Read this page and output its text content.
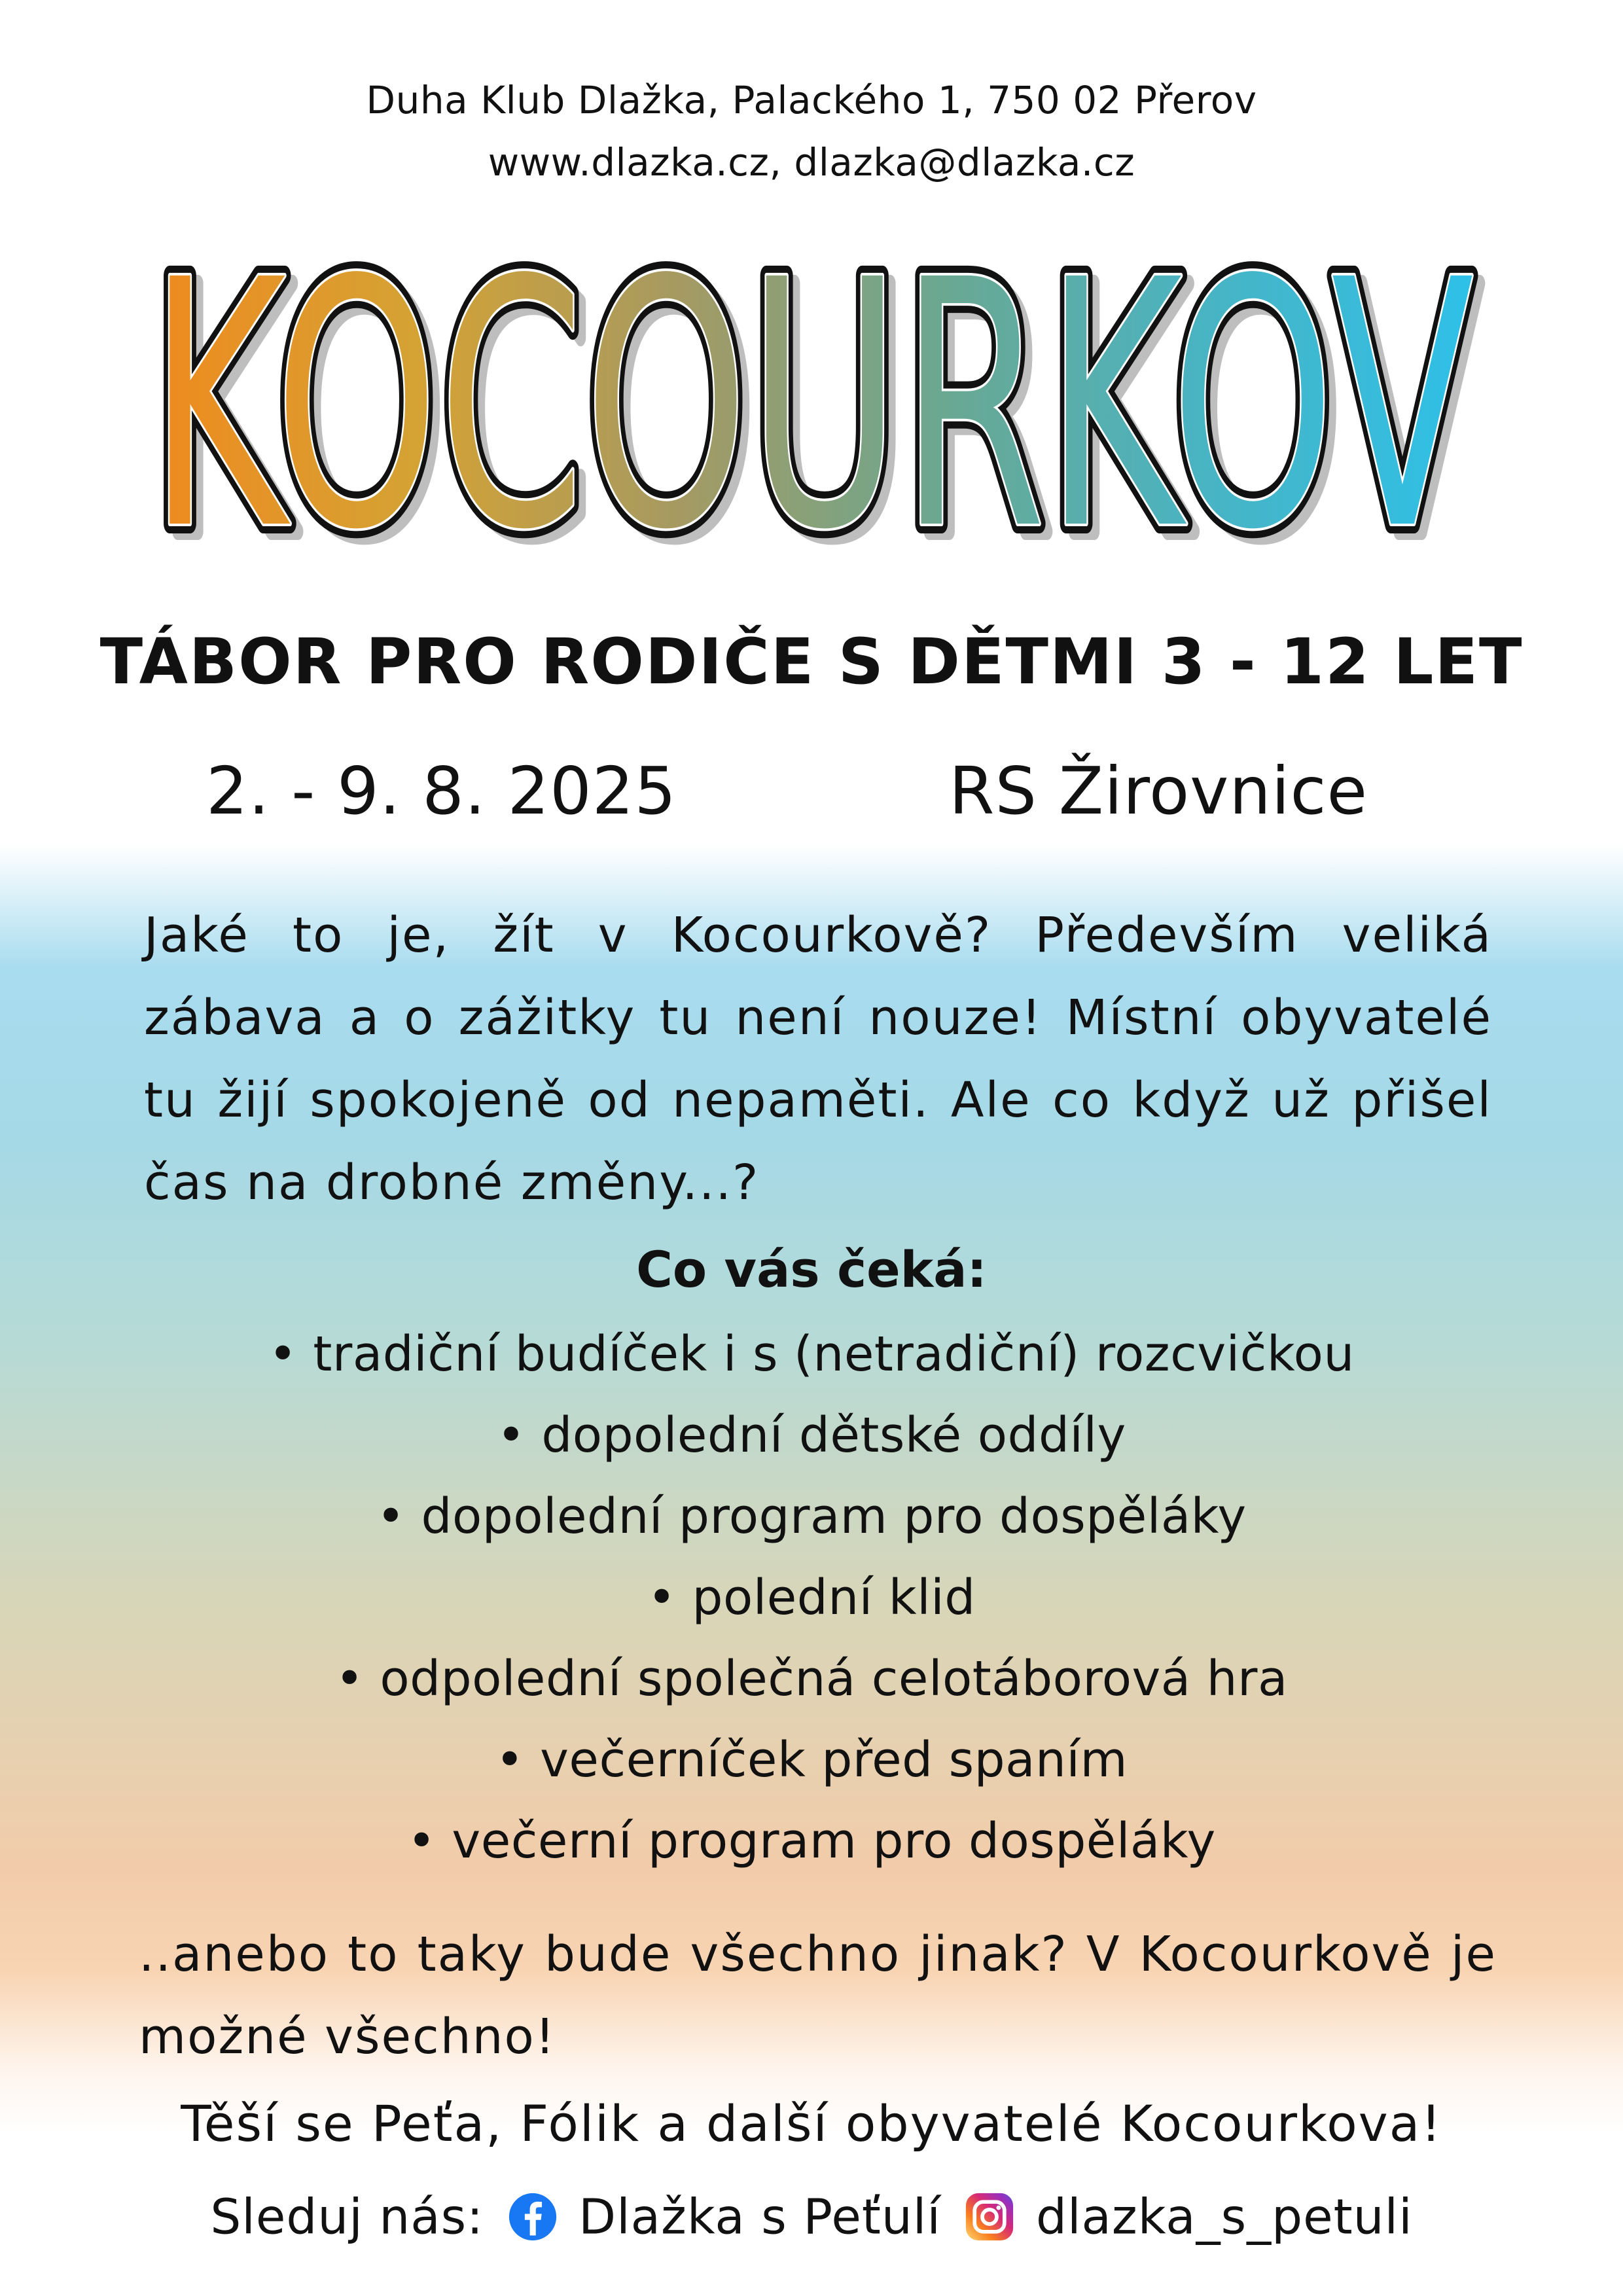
Duha Klub Dlažka, Palackého 1, 750 02 Přerov
www.dlazka.cz, dlazka@dlazka.cz
KOCOURKOV
KOCOURKOV
KOCOURKOV
TÁBOR PRO RODIČE S DĚTMI 3 - 12 LET
2. - 9. 8. 2025	RS Žirovnice
Jaké to je, žít v Kocourkově? Především veliká zábava a o zážitky tu není nouze! Místní obyvatelé tu žijí spokojeně od nepaměti. Ale co když už přišel čas na drobné změny...?
Co vás čeká:
• tradiční budíček i s (netradiční) rozcvičkou
• dopolední dětské oddíly
• dopolední program pro dospěláky
• polední klid
• odpolední společná celotáborová hra
• večerníček před spaním
• večerní program pro dospěláky
..anebo to taky bude všechno jinak? V Kocourkově je možné všechno!
Těší se Peťa, Fólik a další obyvatelé Kocourkova!
Sleduj nás: Dlažka s Peťulí dlazka_s_petuli
